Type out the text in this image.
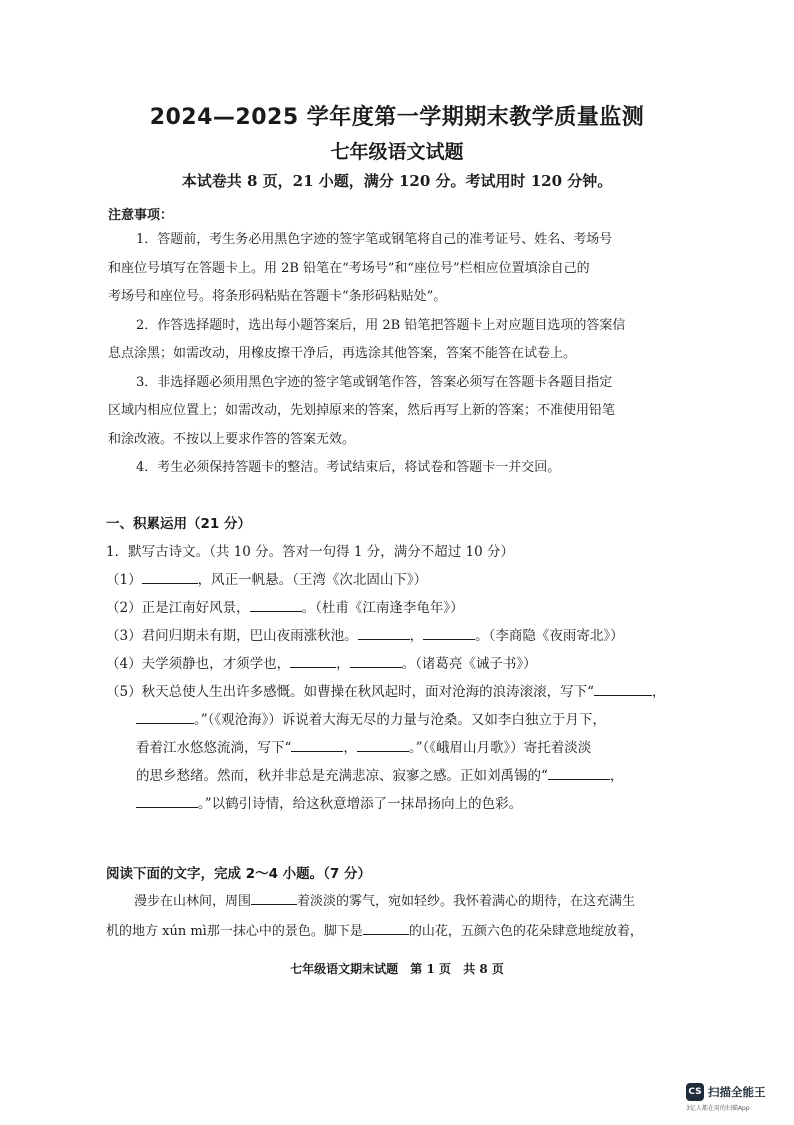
2024—2025 学年度第一学期期末教学质量监测
七年级语文试题
本试卷共 8 页，21 小题，满分 120 分。考试用时 120 分钟。
注意事项：

1．答题前，考生务必用黑色字迹的签字笔或钢笔将自己的准考证号、姓名、考场号

和座位号填写在答题卡上。用 2B 铅笔在“考场号”和“座位号”栏相应位置填涂自己的

考场号和座位号。将条形码粘贴在答题卡“条形码粘贴处”。

2．作答选择题时，选出每小题答案后，用 2B 铅笔把答题卡上对应题目选项的答案信

息点涂黑；如需改动，用橡皮擦干净后，再选涂其他答案，答案不能答在试卷上。

3．非选择题必须用黑色字迹的签字笔或钢笔作答，答案必须写在答题卡各题目指定

区域内相应位置上；如需改动，先划掉原来的答案，然后再写上新的答案；不准使用铅笔

和涂改液。不按以上要求作答的答案无效。

4．考生必须保持答题卡的整洁。考试结束后，将试卷和答题卡一并交回。

一、积累运用（21 分）
1．默写古诗文。（共 10 分。答对一句得 1 分，满分不超过 10 分）
（1）	，风正一帆悬。（王湾《次北固山下》）
（2）正是江南好风景，	。（杜甫《江南逢李龟年》）
（3）君问归期未有期，巴山夜雨涨秋池。	，	。（李商隐《夜雨寄北》）
（4）夫学须静也，才须学也，	，	。（诸葛亮《诫子书》）
（5）秋天总使人生出许多感慨。如曹操在秋风起时，面对沧海的浪涛滚滚，写下“	，
。”（《观沧海》）诉说着大海无尽的力量与沧桑。又如李白独立于月下，
看着江水悠悠流淌，写下“	，	。”（《峨眉山月歌》）寄托着淡淡
的思乡愁绪。然而，秋并非总是充满悲凉、寂寥之感。正如刘禹锡的“	，
。”以鹤引诗情，给这秋意增添了一抹昂扬向上的色彩。
阅读下面的文字，完成 2～4 小题。（7 分）

漫步在山林间，周围	着淡淡的雾气，宛如轻纱。我怀着满心的期待，在这充满生

机的地方 xún mì那一抹心中的景色。脚下是	的山花，五颜六色的花朵肆意地绽放着，

七年级语文期末试题 第 1 页 共 8 页
CS 扫描全能王
3亿人都在用的扫描App
